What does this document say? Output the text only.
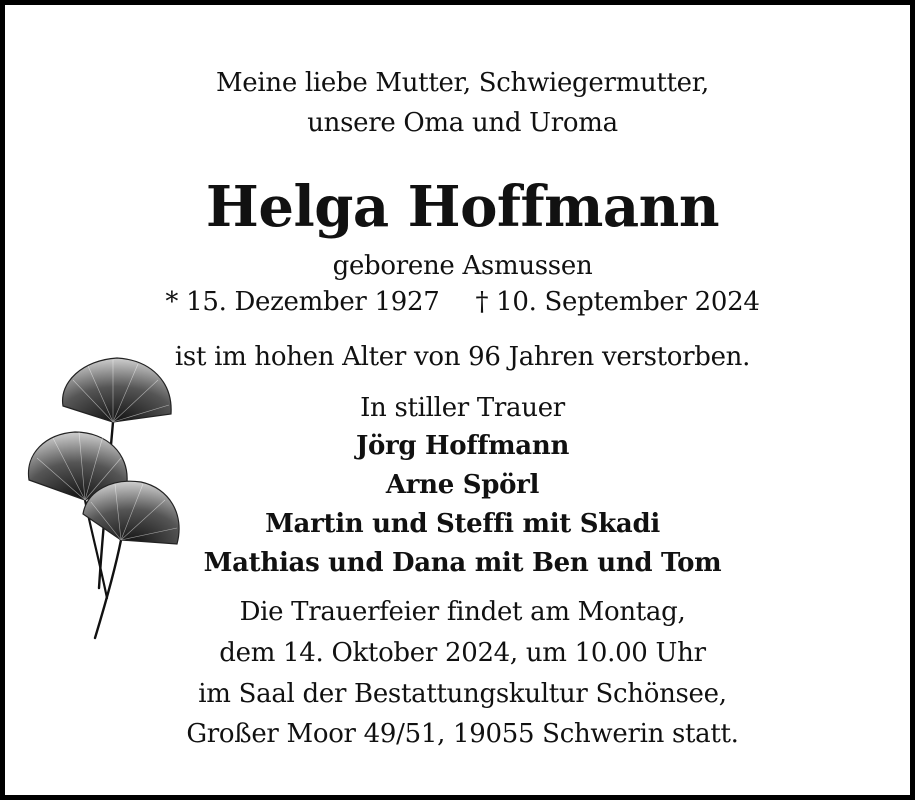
Meine liebe Mutter, Schwiegermutter,
unsere Oma und Uroma
Helga Hoffmann
geborene Asmussen
* 15. Dezember 1927 † 10. September 2024
ist im hohen Alter von 96 Jahren verstorben.
In stiller Trauer
Jörg Hoffmann
Arne Spörl
Martin und Steffi mit Skadi
Mathias und Dana mit Ben und Tom
Die Trauerfeier findet am Montag,
dem 14. Oktober 2024, um 10.00 Uhr
im Saal der Bestattungskultur Schönsee,
Großer Moor 49/51, 19055 Schwerin statt.
